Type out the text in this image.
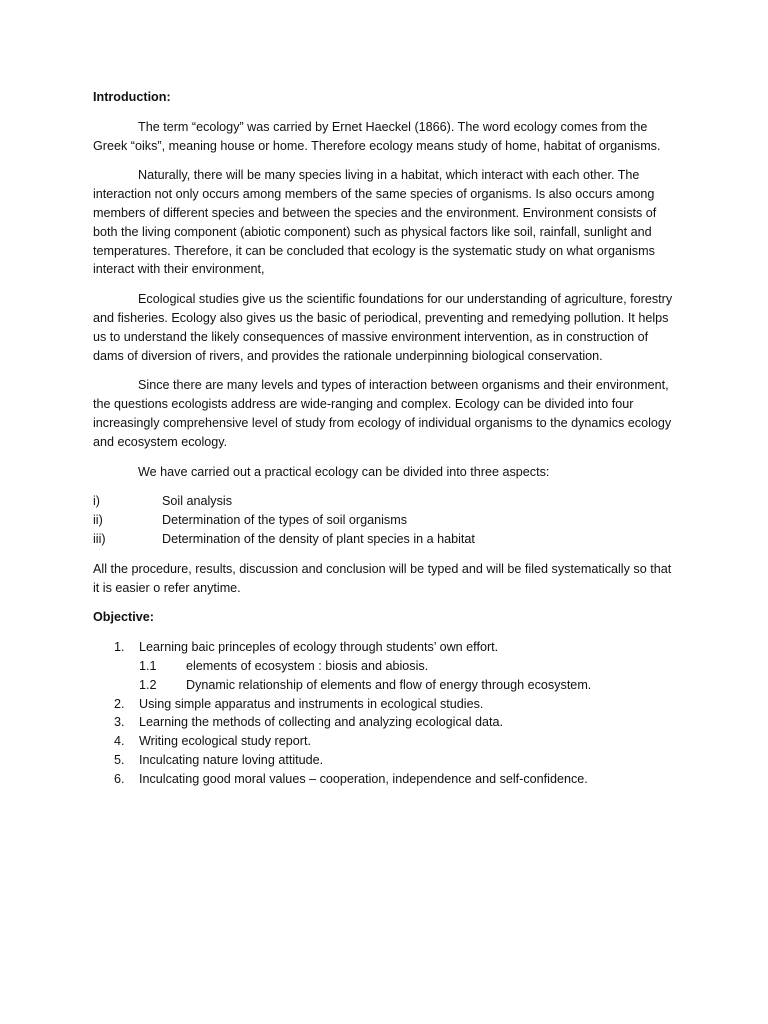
Introduction:

The term “ecology” was carried by Ernet Haeckel (1866). The word ecology comes from the Greek “oiks”, meaning house or home. Therefore ecology means study of home, habitat of organisms.

Naturally, there will be many species living in a habitat, which interact with each other. The interaction not only occurs among members of the same species of organisms. Is also occurs among members of different species and between the species and the environment. Environment consists of both the living component (abiotic component) such as physical factors like soil, rainfall, sunlight and temperatures. Therefore, it can be concluded that ecology is the systematic study on what organisms interact with their environment,

Ecological studies give us the scientific foundations for our understanding of agriculture, forestry and fisheries. Ecology also gives us the basic of periodical, preventing and remedying pollution. It helps us to understand the likely consequences of massive environment intervention, as in construction of dams of diversion of rivers, and provides the rationale underpinning biological conservation.

Since there are many levels and types of interaction between organisms and their environment, the questions ecologists address are wide-ranging and complex. Ecology can be divided into four increasingly comprehensive level of study from ecology of individual organisms to the dynamics ecology and ecosystem ecology.

We have carried out a practical ecology can be divided into three aspects:

i)	Soil analysis
ii)	Determination of the types of soil organisms
iii)	Determination of the density of plant species in a habitat

All the procedure, results, discussion and conclusion will be typed and will be filed systematically so that it is easier o refer anytime.

Objective:
1.	Learning baic princeples of ecology through students’ own effort.
1.1	elements of ecosystem : biosis and abiosis.
1.2	Dynamic relationship of elements and flow of energy through ecosystem.
2.	Using simple apparatus and instruments in ecological studies.
3.	Learning the methods of collecting and analyzing ecological data.
4.	Writing ecological study report.
5.	Inculcating nature loving attitude.
6.	Inculcating good moral values – cooperation, independence and self-confidence.
